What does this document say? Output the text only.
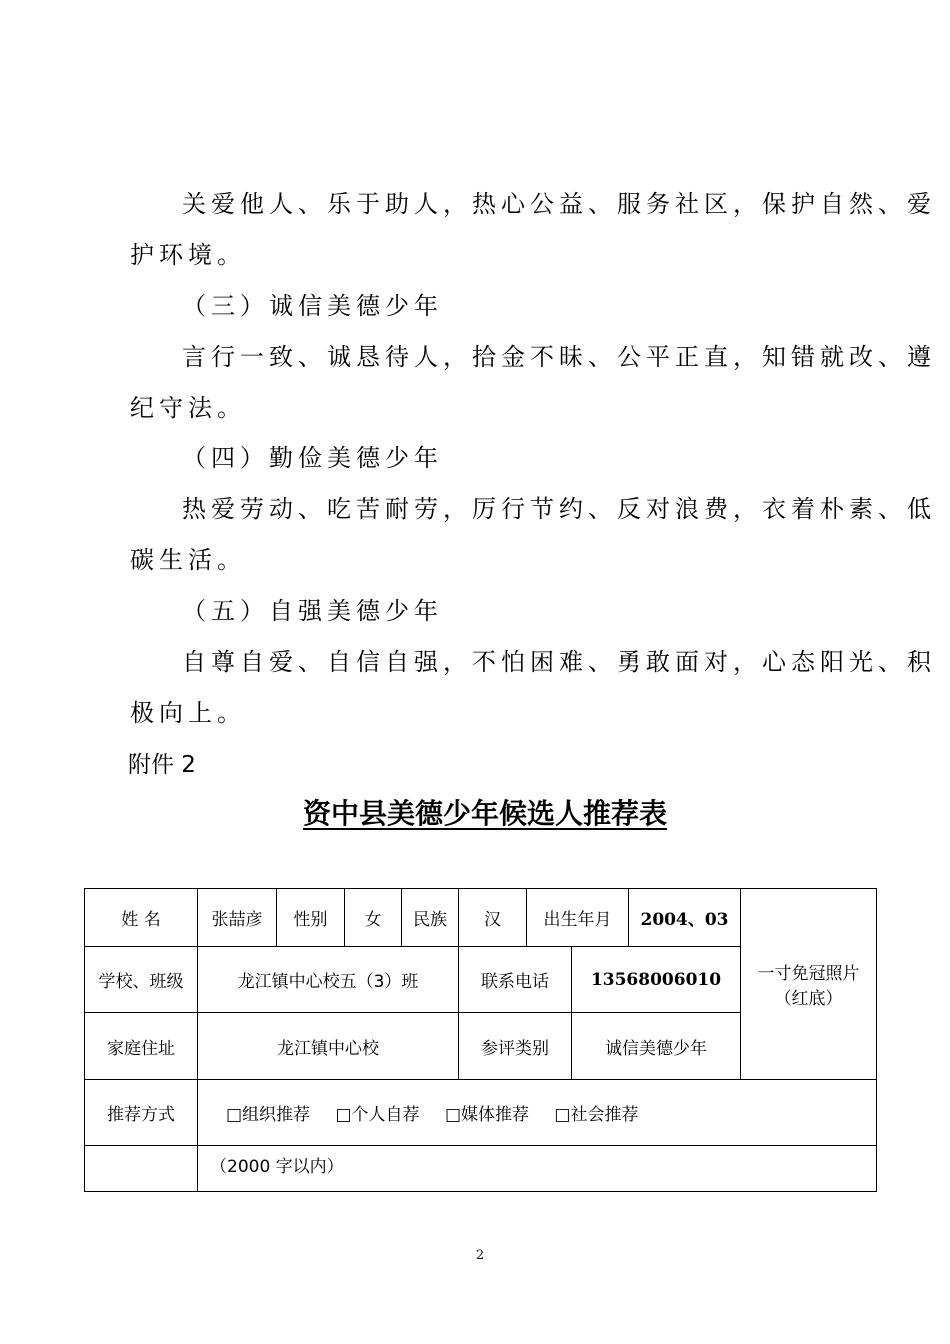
关爱他人、乐于助人，热心公益、服务社区，保护自然、爱
护环境。
（三）诚信美德少年
言行一致、诚恳待人，拾金不昧、公平正直，知错就改、遵
纪守法。
（四）勤俭美德少年
热爱劳动、吃苦耐劳，厉行节约、反对浪费，衣着朴素、低
碳生活。
（五）自强美德少年
自尊自爱、自信自强，不怕困难、勇敢面对，心态阳光、积
极向上。
附件 2
资中县美德少年候选人推荐表
姓 名	张喆彦	性别	女	民族	汉	出生年月		2004、03	一寸免冠照片
（红底）

学校、班级	龙江镇中心校五（3）班				联系电话		13568006010		
家庭住址	龙江镇中心校				参评类别		诚信美德少年		
推荐方式	□组织推荐 □个人自荐 □媒体推荐 □社会推荐								
	（2000 字以内）								
2
